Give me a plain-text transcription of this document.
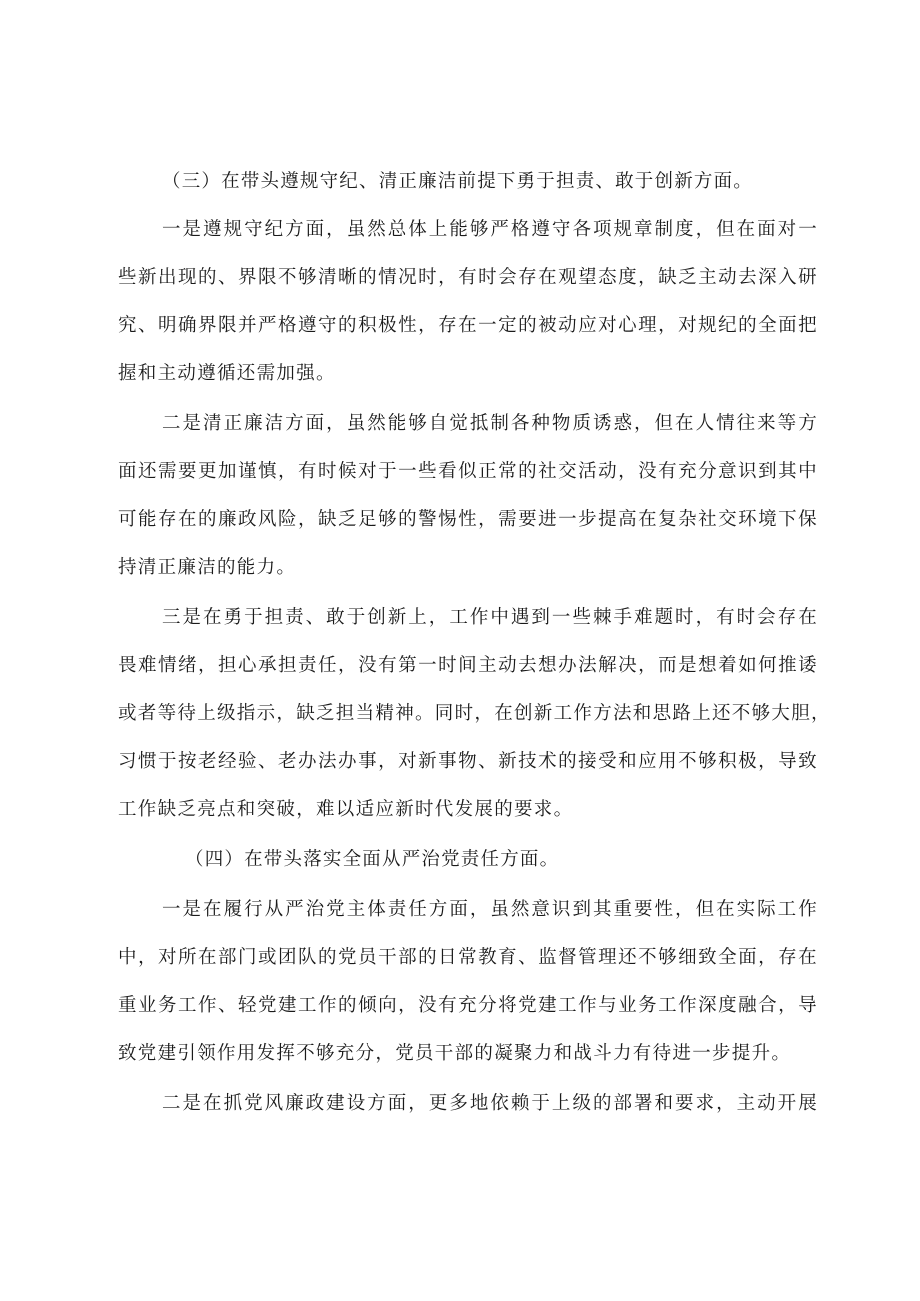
（三）在带头遵规守纪、清正廉洁前提下勇于担责、敢于创新方面。
一是遵规守纪方面，虽然总体上能够严格遵守各项规章制度，但在面对一
些新出现的、界限不够清晰的情况时，有时会存在观望态度，缺乏主动去深入研
究、明确界限并严格遵守的积极性，存在一定的被动应对心理，对规纪的全面把
握和主动遵循还需加强。
二是清正廉洁方面，虽然能够自觉抵制各种物质诱惑，但在人情往来等方
面还需要更加谨慎，有时候对于一些看似正常的社交活动，没有充分意识到其中
可能存在的廉政风险，缺乏足够的警惕性，需要进一步提高在复杂社交环境下保
持清正廉洁的能力。
三是在勇于担责、敢于创新上，工作中遇到一些棘手难题时，有时会存在
畏难情绪，担心承担责任，没有第一时间主动去想办法解决，而是想着如何推诿
或者等待上级指示，缺乏担当精神。同时，在创新工作方法和思路上还不够大胆，
习惯于按老经验、老办法办事，对新事物、新技术的接受和应用不够积极，导致
工作缺乏亮点和突破，难以适应新时代发展的要求。
（四）在带头落实全面从严治党责任方面。
一是在履行从严治党主体责任方面，虽然意识到其重要性，但在实际工作
中，对所在部门或团队的党员干部的日常教育、监督管理还不够细致全面，存在
重业务工作、轻党建工作的倾向，没有充分将党建工作与业务工作深度融合，导
致党建引领作用发挥不够充分，党员干部的凝聚力和战斗力有待进一步提升。
二是在抓党风廉政建设方面，更多地依赖于上级的部署和要求，主动开展
